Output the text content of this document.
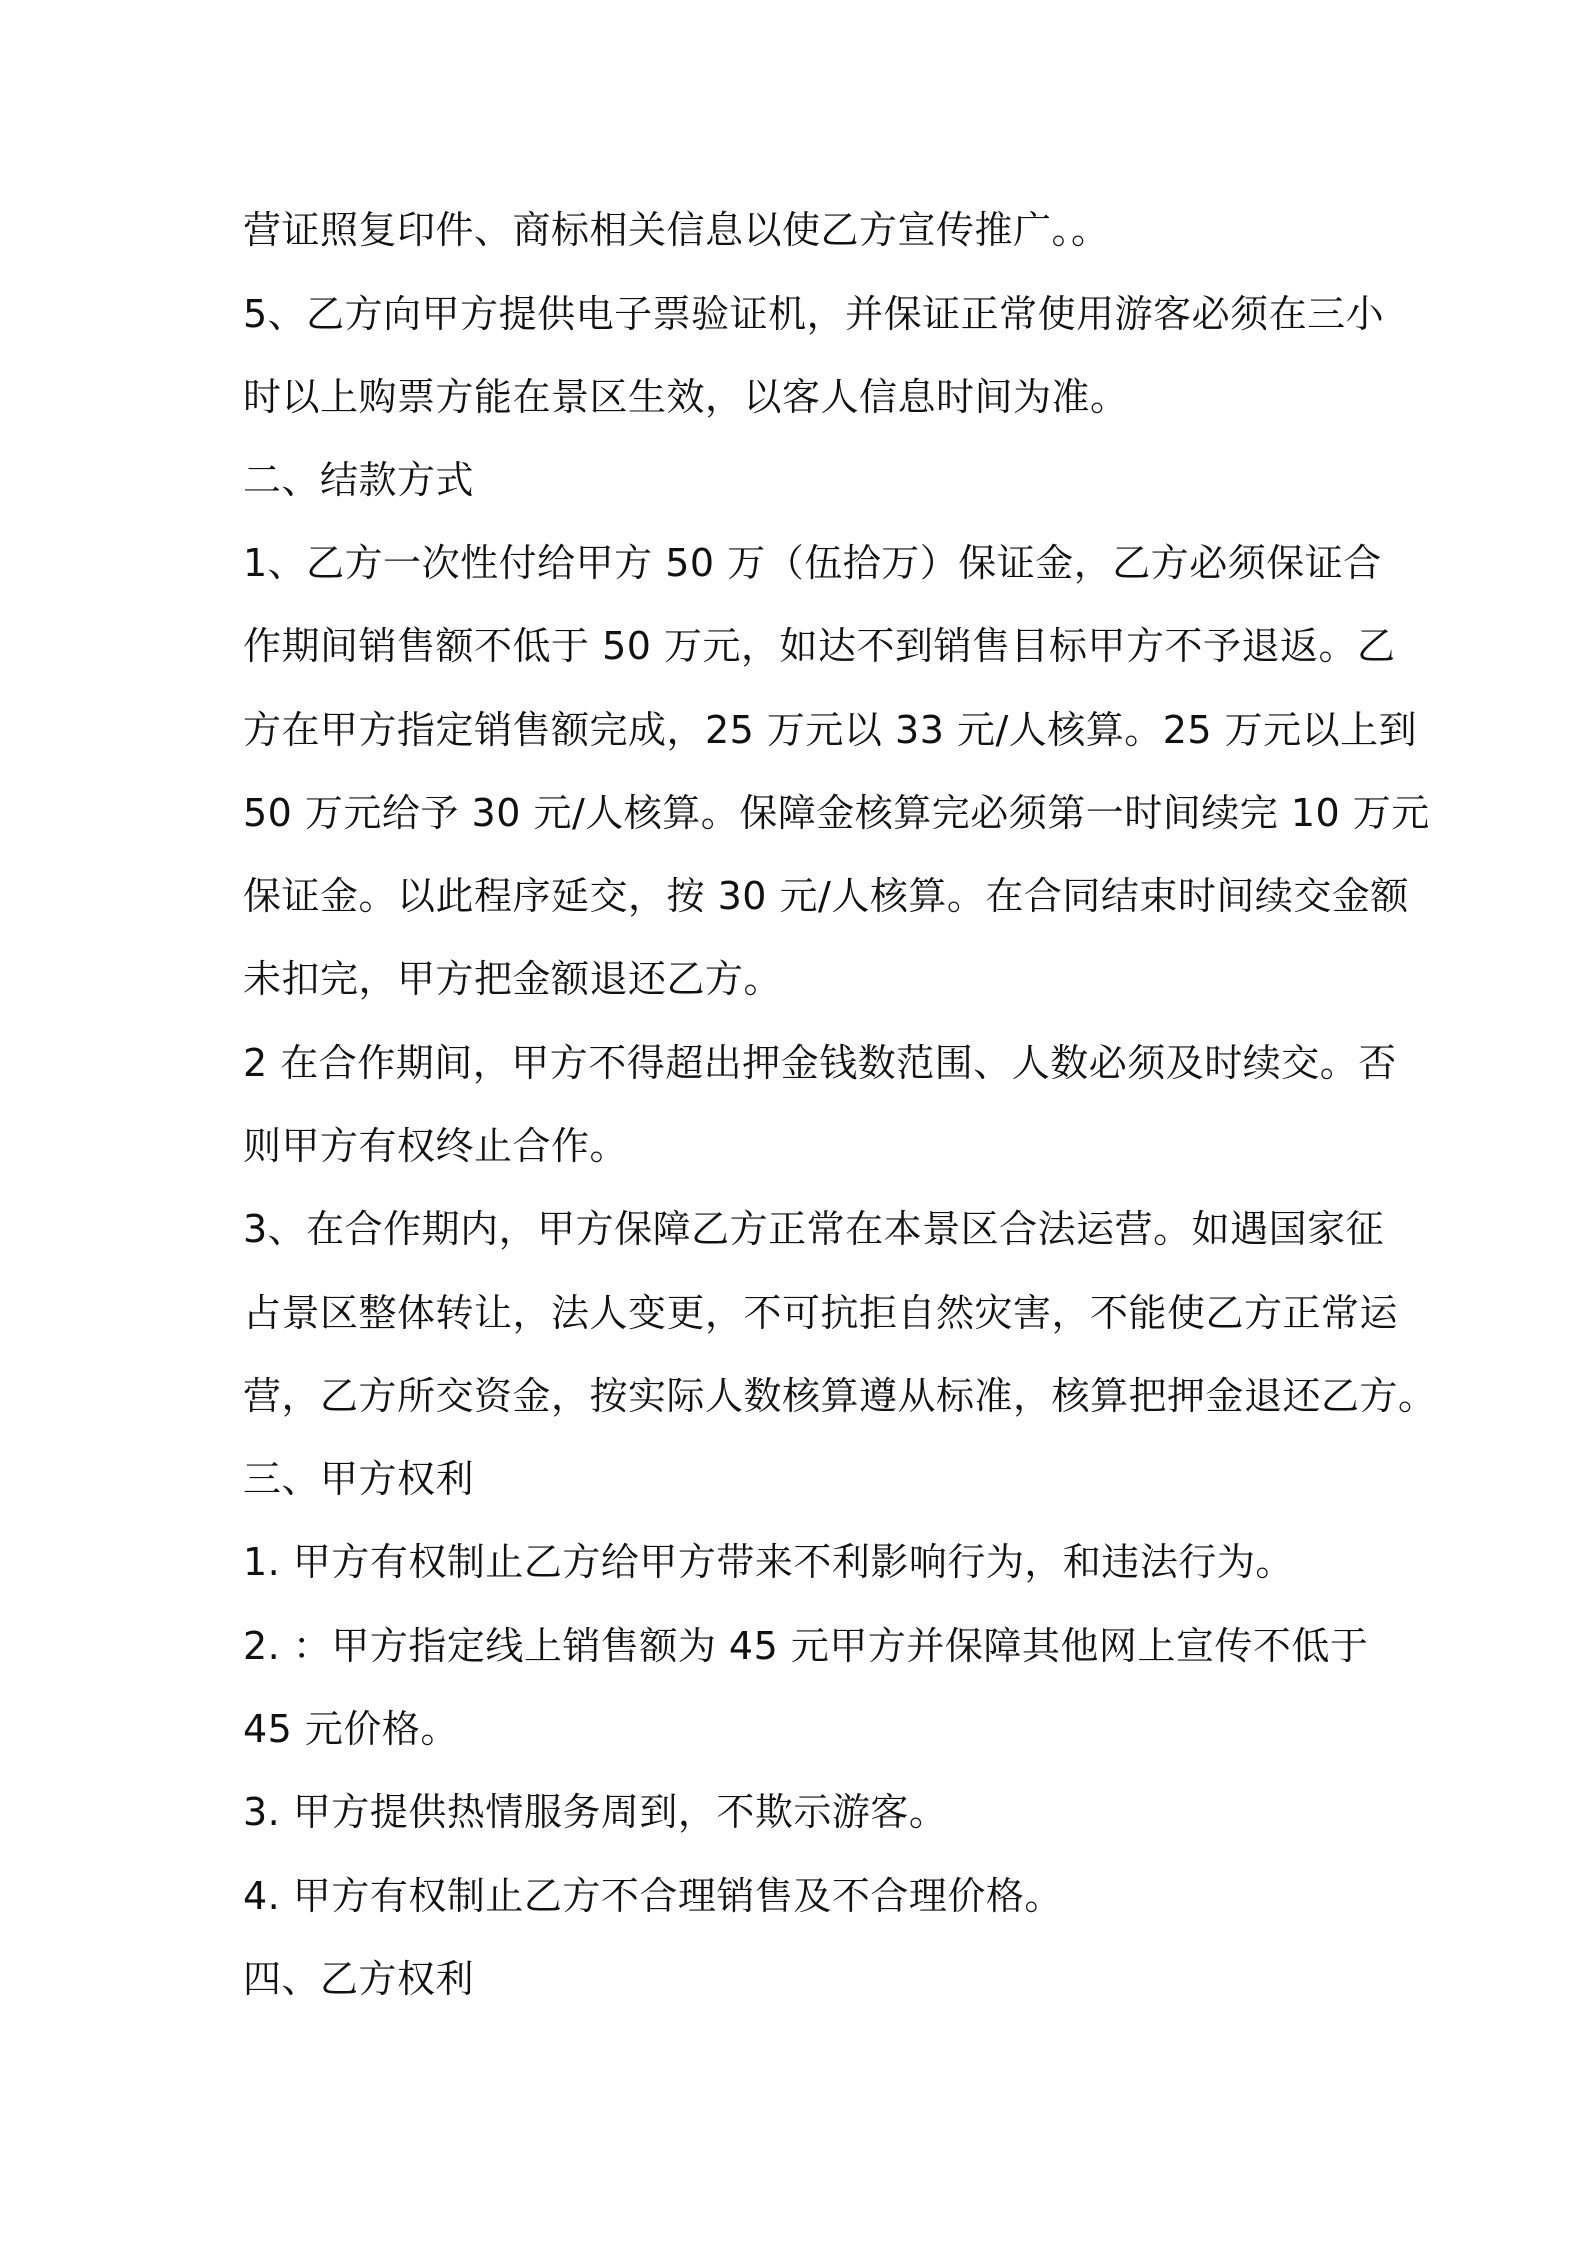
营证照复印件、商标相关信息以使乙方宣传推广。。
5、乙方向甲方提供电子票验证机，并保证正常使用游客必须在三小
时以上购票方能在景区生效，以客人信息时间为准。
二、结款方式
1、乙方一次性付给甲方 50 万（伍拾万）保证金，乙方必须保证合
作期间销售额不低于 50 万元，如达不到销售目标甲方不予退返。乙
方在甲方指定销售额完成，25 万元以 33 元/人核算。25 万元以上到
50 万元给予 30 元/人核算。保障金核算完必须第一时间续完 10 万元
保证金。以此程序延交，按 30 元/人核算。在合同结束时间续交金额
未扣完，甲方把金额退还乙方。
2 在合作期间，甲方不得超出押金钱数范围、人数必须及时续交。否
则甲方有权终止合作。
3、在合作期内，甲方保障乙方正常在本景区合法运营。如遇国家征
占景区整体转让，法人变更，不可抗拒自然灾害，不能使乙方正常运
营，乙方所交资金，按实际人数核算遵从标准，核算把押金退还乙方。
三、甲方权利
1. 甲方有权制止乙方给甲方带来不利影响行为，和违法行为。
2. ：甲方指定线上销售额为 45 元甲方并保障其他网上宣传不低于
45 元价格。
3. 甲方提供热情服务周到，不欺示游客。
4. 甲方有权制止乙方不合理销售及不合理价格。
四、乙方权利
